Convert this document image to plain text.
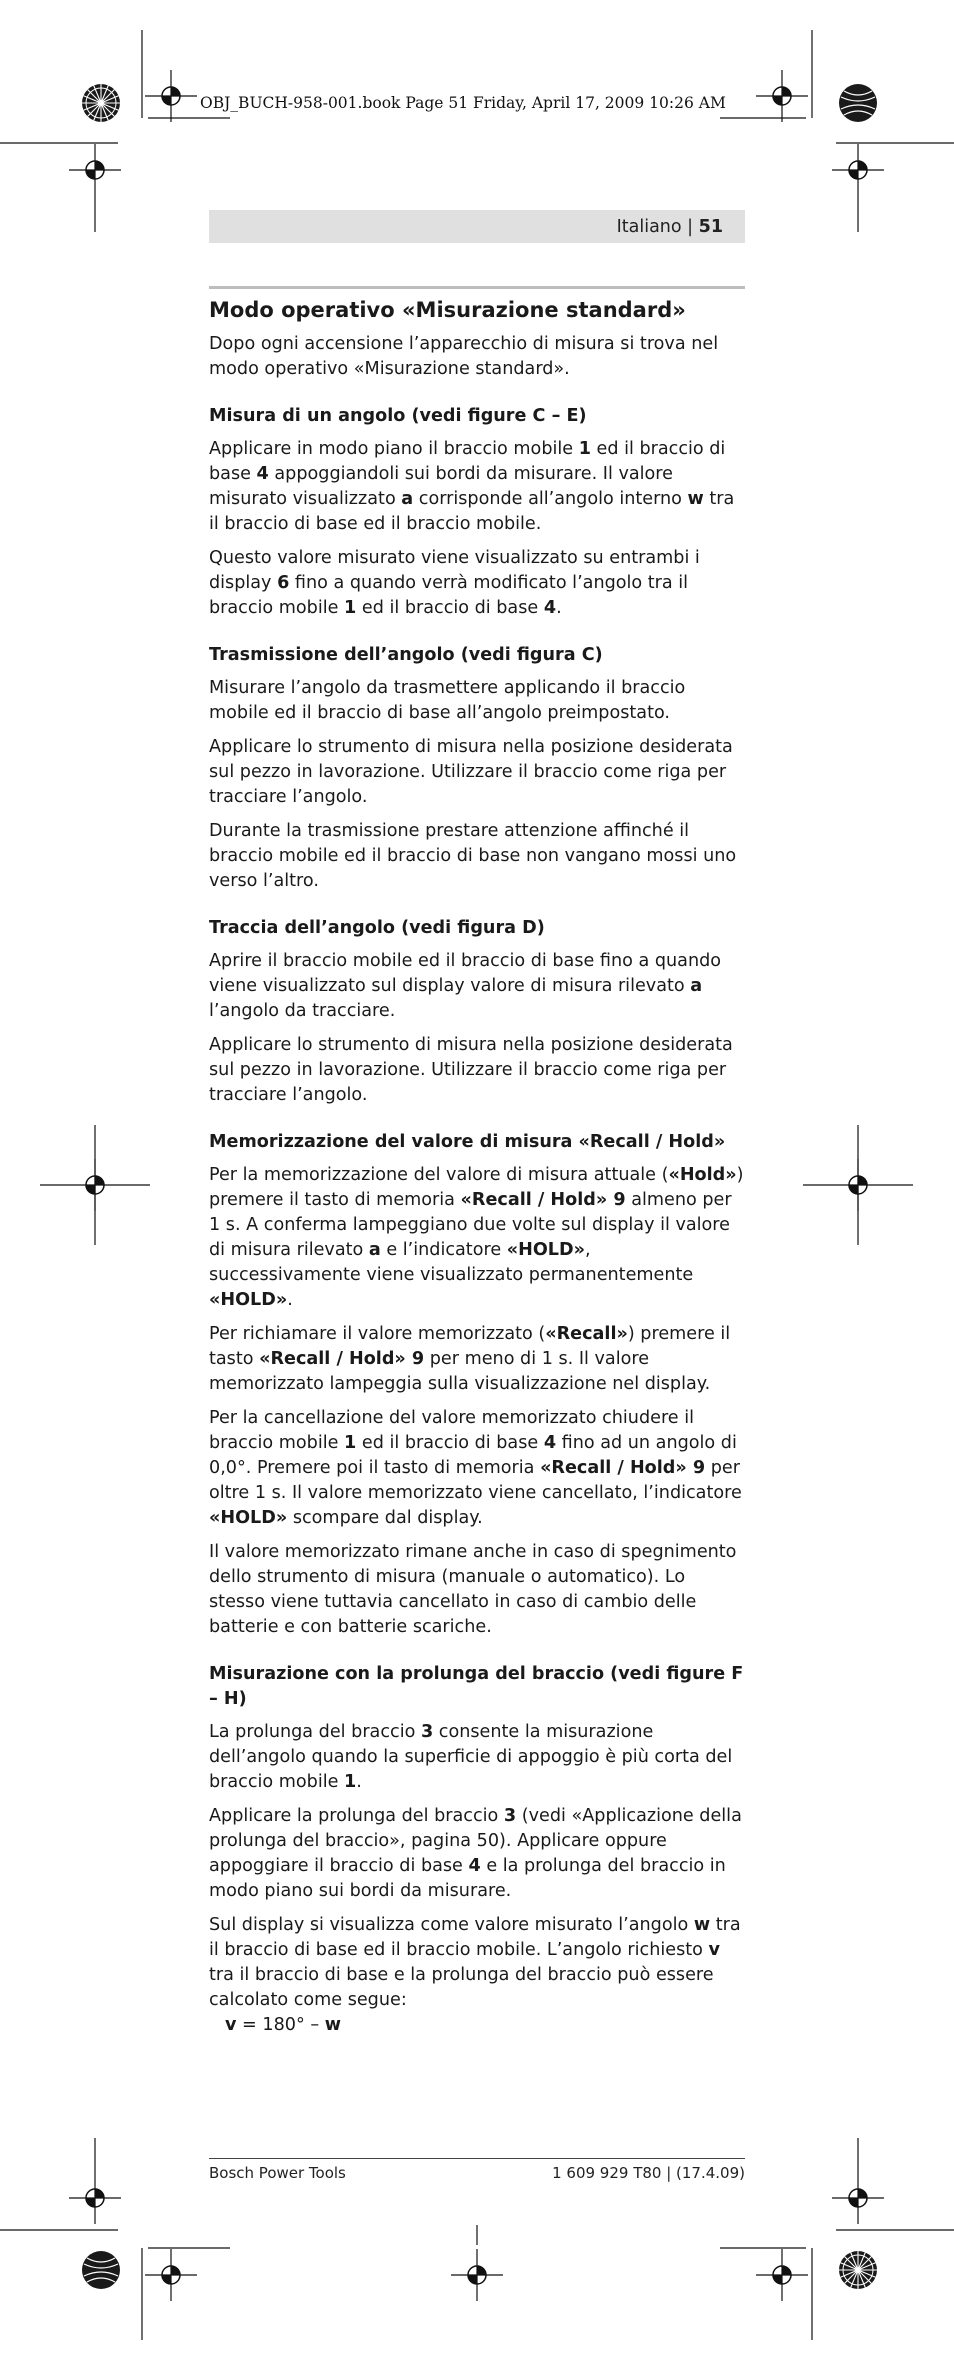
OBJ_BUCH-958-001.book Page 51 Friday, April 17, 2009 10:26 AM
Italiano | 51
Modo operativo «Misurazione standard»

Dopo ogni accensione l’apparecchio di misura si trova nel modo operativo «Misurazione standard».

Misura di un angolo (vedi figure C – E)

Applicare in modo piano il braccio mobile 1 ed il braccio di base 4 appoggiandoli sui bordi da misurare. Il valore misurato visualizzato a corrisponde all’angolo interno w tra il braccio di base ed il braccio mobile.

Questo valore misurato viene visualizzato su entrambi i display 6 fino a quando verrà modificato l’angolo tra il braccio mobile 1 ed il braccio di base 4.

Trasmissione dell’angolo (vedi figura C)

Misurare l’angolo da trasmettere applicando il braccio mobile ed il braccio di base all’angolo preimpostato.

Applicare lo strumento di misura nella posizione desiderata sul pezzo in lavorazione. Utilizzare il braccio come riga per tracciare l’angolo.

Durante la trasmissione prestare attenzione affinché il braccio mobile ed il braccio di base non vangano mossi uno verso l’altro.

Traccia dell’angolo (vedi figura D)

Aprire il braccio mobile ed il braccio di base fino a quando viene visualizzato sul display valore di misura rilevato a l’angolo da tracciare.

Applicare lo strumento di misura nella posizione desiderata sul pezzo in lavorazione. Utilizzare il braccio come riga per tracciare l’angolo.

Memorizzazione del valore di misura «Recall / Hold»

Per la memorizzazione del valore di misura attuale («Hold») premere il tasto di memoria «Recall / Hold» 9 almeno per 1 s. A conferma lampeggiano due volte sul display il valore di misura rilevato a e l’indicatore «HOLD», successivamente viene visualizzato permanentemente «HOLD».

Per richiamare il valore memorizzato («Recall») premere il tasto «Recall / Hold» 9 per meno di 1 s. Il valore memorizzato lampeggia sulla visualizzazione nel display.

Per la cancellazione del valore memorizzato chiudere il braccio mobile 1 ed il braccio di base 4 fino ad un angolo di 0,0°. Premere poi il tasto di memoria «Recall / Hold» 9 per oltre 1 s. Il valore memorizzato viene cancellato, l’indicatore «HOLD» scompare dal display.

Il valore memorizzato rimane anche in caso di spegnimento dello strumento di misura (manuale o automatico). Lo stesso viene tuttavia cancellato in caso di cambio delle batterie e con batterie scariche.

Misurazione con la prolunga del braccio (vedi figure F – H)

La prolunga del braccio 3 consente la misurazione dell’angolo quando la superficie di appoggio è più corta del braccio mobile 1.

Applicare la prolunga del braccio 3 (vedi «Applicazione della prolunga del braccio», pagina 50). Applicare oppure appoggiare il braccio di base 4 e la prolunga del braccio in modo piano sui bordi da misurare.

Sul display si visualizza come valore misurato l’angolo w tra il braccio di base ed il braccio mobile. L’angolo richiesto v tra il braccio di base e la prolunga del braccio può essere calcolato come segue:

v = 180° – w

Bosch Power Tools	1 609 929 T80 | (17.4.09)
